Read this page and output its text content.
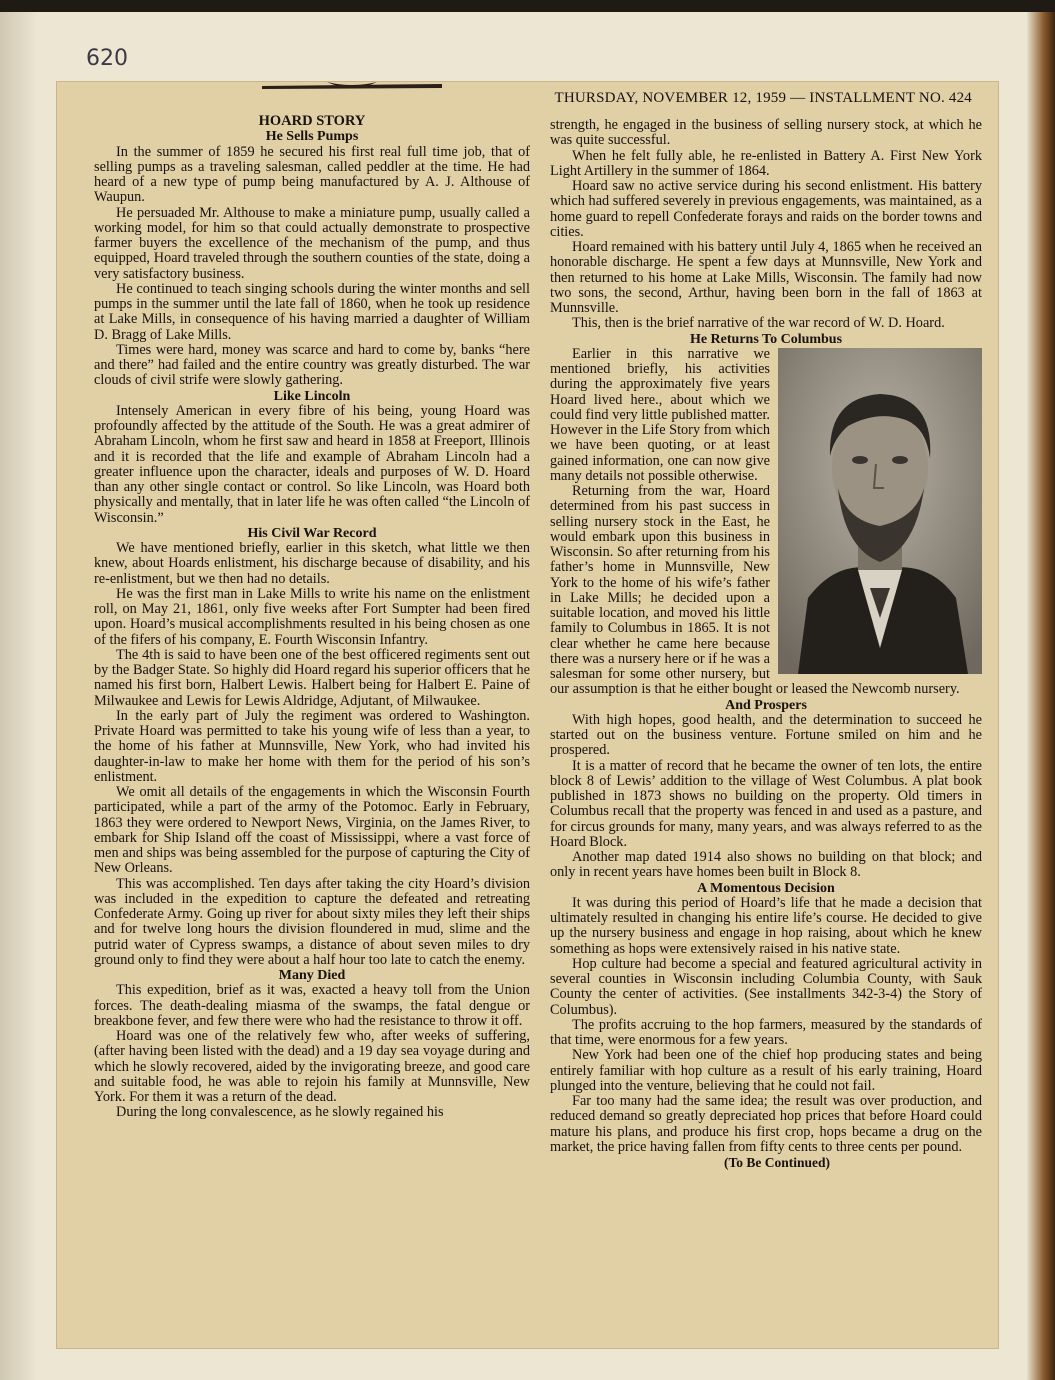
620
THURSDAY, NOVEMBER 12, 1959 — INSTALLMENT NO. 424

HOARD STORY

He Sells Pumps

In the summer of 1859 he secured his first real full time job, that of selling pumps as a traveling salesman, called peddler at the time. He had heard of a new type of pump being manufactured by A. J. Althouse of Waupun.

He persuaded Mr. Althouse to make a miniature pump, usually called a working model, for him so that could actually demonstrate to prospective farmer buyers the excellence of the mechanism of the pump, and thus equipped, Hoard traveled through the southern counties of the state, doing a very satisfactory business.

He continued to teach singing schools during the winter months and sell pumps in the summer until the late fall of 1860, when he took up residence at Lake Mills, in consequence of his having married a daughter of William D. Bragg of Lake Mills.

Times were hard, money was scarce and hard to come by, banks “here and there” had failed and the entire country was greatly disturbed. The war clouds of civil strife were slowly gathering.

Like Lincoln

Intensely American in every fibre of his being, young Hoard was profoundly affected by the attitude of the South. He was a great admirer of Abraham Lincoln, whom he first saw and heard in 1858 at Freeport, Illinois and it is recorded that the life and example of Abraham Lincoln had a greater influence upon the character, ideals and purposes of W. D. Hoard than any other single contact or control. So like Lincoln, was Hoard both physically and mentally, that in later life he was often called “the Lincoln of Wisconsin.”

His Civil War Record

We have mentioned briefly, earlier in this sketch, what little we then knew, about Hoards enlistment, his discharge because of disability, and his re-enlistment, but we then had no details.

He was the first man in Lake Mills to write his name on the enlistment roll, on May 21, 1861, only five weeks after Fort Sumpter had been fired upon. Hoard’s musical accomplishments resulted in his being chosen as one of the fifers of his company, E. Fourth Wisconsin Infantry.

The 4th is said to have been one of the best officered regiments sent out by the Badger State. So highly did Hoard regard his superior officers that he named his first born, Halbert Lewis. Halbert being for Halbert E. Paine of Milwaukee and Lewis for Lewis Aldridge, Adjutant, of Milwaukee.

In the early part of July the regiment was ordered to Washington. Private Hoard was permitted to take his young wife of less than a year, to the home of his father at Munnsville, New York, who had invited his daughter-in-law to make her home with them for the period of his son’s enlistment.

We omit all details of the engagements in which the Wisconsin Fourth participated, while a part of the army of the Potomoc. Early in February, 1863 they were ordered to Newport News, Virginia, on the James River, to embark for Ship Island off the coast of Mississippi, where a vast force of men and ships was being assembled for the purpose of capturing the City of New Orleans.

This was accomplished. Ten days after taking the city Hoard’s division was included in the expedition to capture the defeated and retreating Confederate Army. Going up river for about sixty miles they left their ships and for twelve long hours the division floundered in mud, slime and the putrid water of Cypress swamps, a distance of about seven miles to dry ground only to find they were about a half hour too late to catch the enemy.

Many Died

This expedition, brief as it was, exacted a heavy toll from the Union forces. The death-dealing miasma of the swamps, the fatal dengue or breakbone fever, and few there were who had the resistance to throw it off.

Hoard was one of the relatively few who, after weeks of suffering, (after having been listed with the dead) and a 19 day sea voyage during and which he slowly recovered, aided by the invigorating breeze, and good care and suitable food, he was able to rejoin his family at Munnsville, New York. For them it was a return of the dead.

During the long convalescence, as he slowly regained his

strength, he engaged in the business of selling nursery stock, at which he was quite successful.

When he felt fully able, he re-enlisted in Battery A. First New York Light Artillery in the summer of 1864.

Hoard saw no active service during his second enlistment. His battery which had suffered severely in previous engagements, was maintained, as a home guard to repell Confederate forays and raids on the border towns and cities.

Hoard remained with his battery until July 4, 1865 when he received an honorable discharge. He spent a few days at Munnsville, New York and then returned to his home at Lake Mills, Wisconsin. The family had now two sons, the second, Arthur, having been born in the fall of 1863 at Munnsville.

This, then is the brief narrative of the war record of W. D. Hoard.

He Returns To Columbus

Earlier in this narrative we mentioned briefly, his activities during the approximately five years Hoard lived here., about which we could find very little published matter. However in the Life Story from which we have been quoting, or at least gained information, one can now give many details not possible otherwise.

Returning from the war, Hoard determined from his past success in selling nursery stock in the East, he would embark upon this business in Wisconsin. So after returning from his father’s home in Munnsville, New York to the home of his wife’s father in Lake Mills; he decided upon a suitable location, and moved his little family to Columbus in 1865. It is not clear whether he came here because there was a nursery here or if he was a salesman for some other nursery, but our assumption is that he either bought or leased the Newcomb nursery.

And Prospers

With high hopes, good health, and the determination to succeed he started out on the business venture. Fortune smiled on him and he prospered.

It is a matter of record that he became the owner of ten lots, the entire block 8 of Lewis’ addition to the village of West Columbus. A plat book published in 1873 shows no building on the property. Old timers in Columbus recall that the property was fenced in and used as a pasture, and for circus grounds for many, many years, and was always referred to as the Hoard Block.

Another map dated 1914 also shows no building on that block; and only in recent years have homes been built in Block 8.

A Momentous Decision

It was during this period of Hoard’s life that he made a decision that ultimately resulted in changing his entire life’s course. He decided to give up the nursery business and engage in hop raising, about which he knew something as hops were extensively raised in his native state.

Hop culture had become a special and featured agricultural activity in several counties in Wisconsin including Columbia County, with Sauk County the center of activities. (See installments 342-3-4) the Story of Columbus).

The profits accruing to the hop farmers, measured by the standards of that time, were enormous for a few years.

New York had been one of the chief hop producing states and being entirely familiar with hop culture as a result of his early training, Hoard plunged into the venture, believing that he could not fail.

Far too many had the same idea; the result was over production, and reduced demand so greatly depreciated hop prices that before Hoard could mature his plans, and produce his first crop, hops became a drug on the market, the price having fallen from fifty cents to three cents per pound.

(To Be Continued)
